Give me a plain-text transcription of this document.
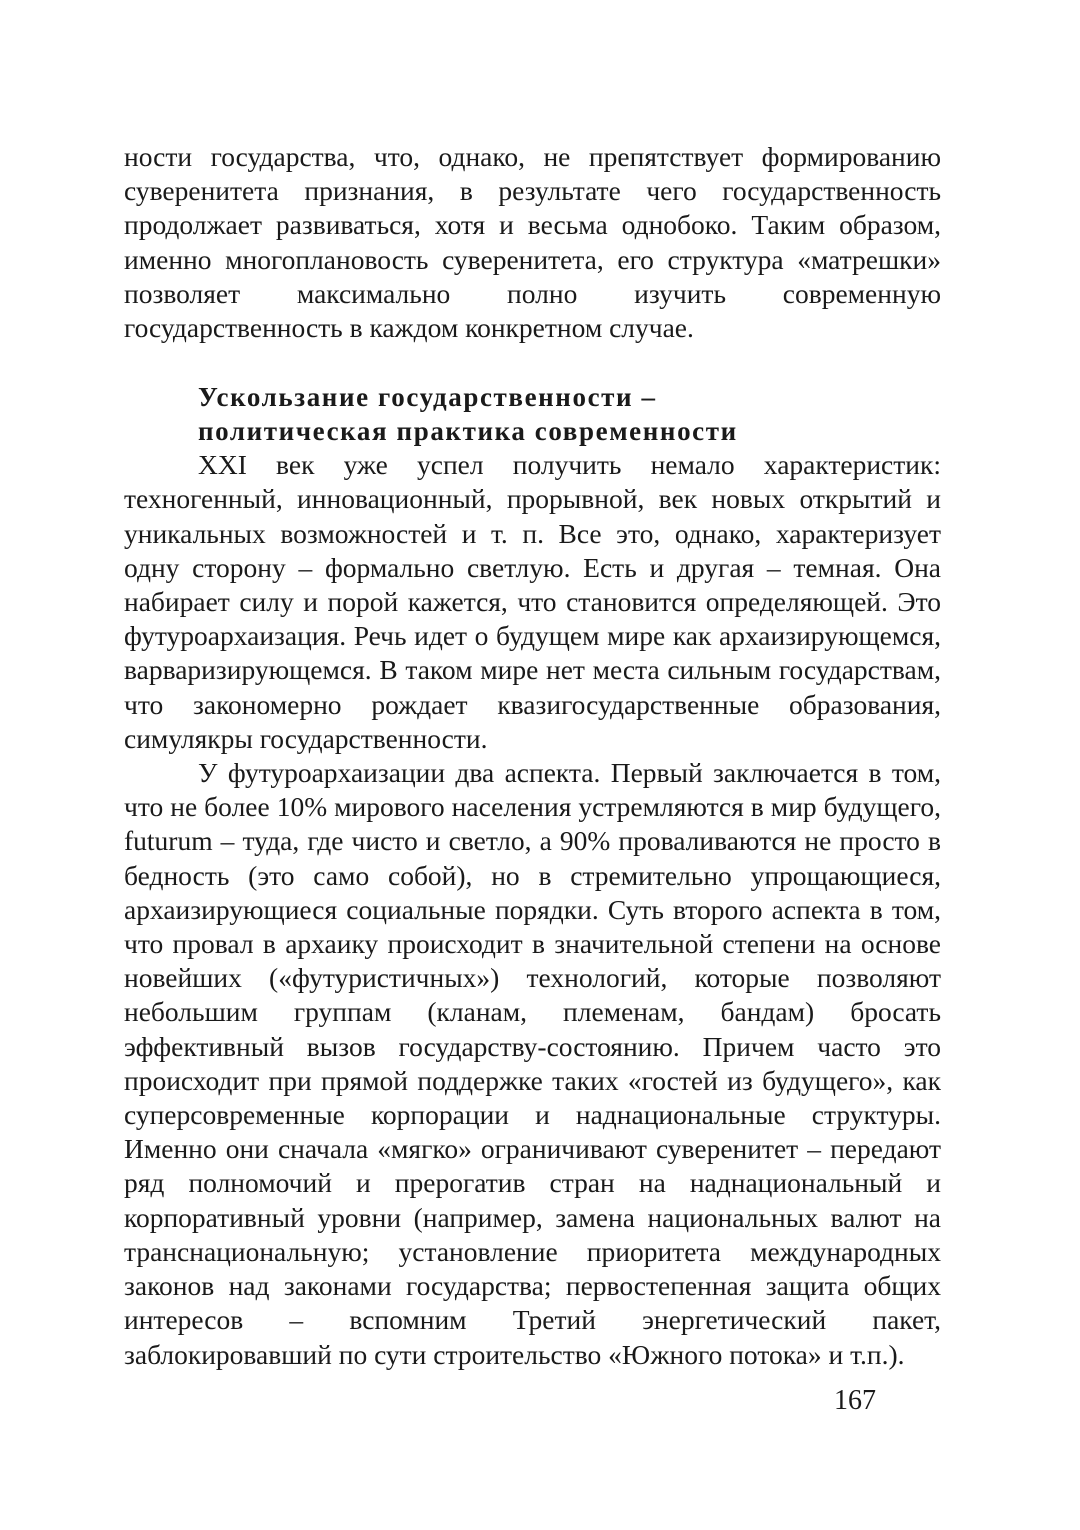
ности государства, что, однако, не препятствует формированию суверенитета признания, в результате чего государственность продолжает развиваться, хотя и весьма однобоко. Таким образом, именно многоплановость суверенитета, его структура «матрешки» позволяет максимально полно изучить современную государственность в каждом конкретном случае.

Ускользание государственности –
политическая практика современности

XXI век уже успел получить немало характеристик: техногенный, инновационный, прорывной, век новых открытий и уникальных возможностей и т. п. Все это, однако, характеризует одну сторону – формально светлую. Есть и другая – темная. Она набирает силу и порой кажется, что становится определяющей. Это футуроархаизация. Речь идет о будущем мире как архаизирующемся, варваризирующемся. В таком мире нет места сильным государствам, что закономерно рождает квазигосударственные образования, симулякры государственности.

У футуроархаизации два аспекта. Первый заключается в том, что не более 10% мирового населения устремляются в мир будущего, futurum – туда, где чисто и светло, а 90% проваливаются не просто в бедность (это само собой), но в стремительно упрощающиеся, архаизирующиеся социальные порядки. Суть второго аспекта в том, что провал в архаику происходит в значительной степени на основе новейших («футуристичных») технологий, которые позволяют небольшим группам (кланам, племенам, бандам) бросать эффективный вызов государству-состоянию. Причем часто это происходит при прямой поддержке таких «гостей из будущего», как суперсовременные корпорации и наднациональные структуры. Именно они сначала «мягко» ограничивают суверенитет – передают ряд полномочий и прерогатив стран на наднациональный и корпоративный уровни (например, замена национальных валют на транснациональную; установление приоритета международных законов над законами государства; первостепенная защита общих интересов – вспомним Третий энергетический пакет, заблокировавший по сути строительство «Южного потока» и т.п.).

167
